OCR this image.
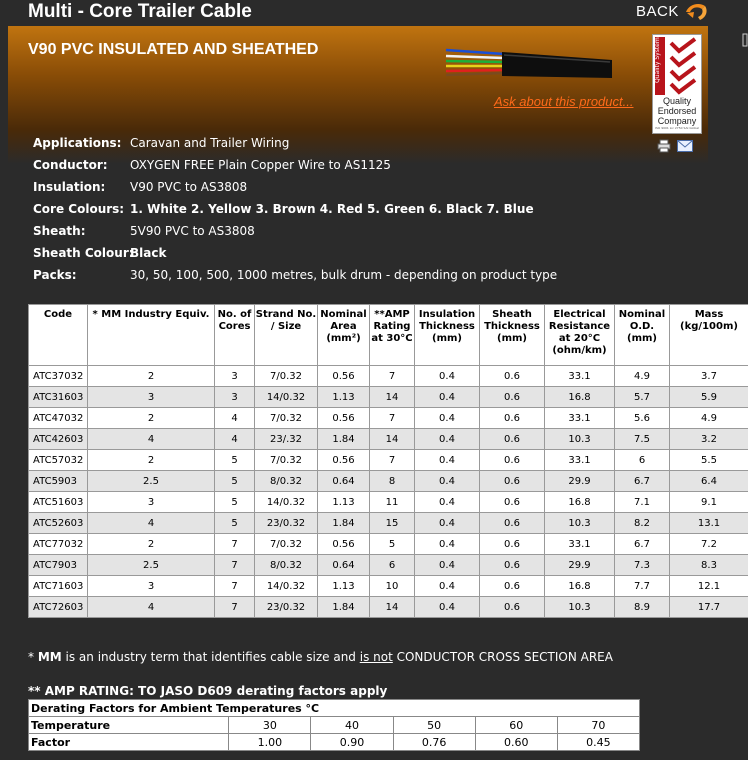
Multi - Core Trailer Cable	BACK
V90 PVC INSULATED AND SHEATHED
Ask about this product...
Quality System
Quality
Endorsed
Company
ISO 9001 Lic 2750 SAI Global
Applications: Caravan and Trailer Wiring
Conductor: OXYGEN FREE Plain Copper Wire to AS1125
Insulation: V90 PVC to AS3808
Core Colours: 1. White 2. Yellow 3. Brown 4. Red 5. Green 6. Black 7. Blue
Sheath:	5V90 PVC to AS3808
Sheath Colour:
Black
Packs:	30, 50, 100, 500, 1000 metres, bulk drum - depending on product type
Code	* MM Industry Equiv.	No. of Cores	Strand No. / Size	Nominal Area (mm²)	**AMP Rating at 30°C	Insulation Thickness (mm)	Sheath Thickness (mm)	Electrical Resistance at 20°C (ohm/km)	Nominal O.D. (mm)	Mass (kg/100m)
ATC37032	2	3	7/0.32	0.56	7	0.4	0.6	33.1	4.9	3.7
ATC31603	3	3	14/0.32	1.13	14	0.4	0.6	16.8	5.7	5.9
ATC47032	2	4	7/0.32	0.56	7	0.4	0.6	33.1	5.6	4.9
ATC42603	4	4	23/.32	1.84	14	0.4	0.6	10.3	7.5	3.2
ATC57032	2	5	7/0.32	0.56	7	0.4	0.6	33.1	6	5.5
ATC5903	2.5	5	8/0.32	0.64	8	0.4	0.6	29.9	6.7	6.4
ATC51603	3	5	14/0.32	1.13	11	0.4	0.6	16.8	7.1	9.1
ATC52603	4	5	23/0.32	1.84	15	0.4	0.6	10.3	8.2	13.1
ATC77032	2	7	7/0.32	0.56	5	0.4	0.6	33.1	6.7	7.2
ATC7903	2.5	7	8/0.32	0.64	6	0.4	0.6	29.9	7.3	8.3
ATC71603	3	7	14/0.32	1.13	10	0.4	0.6	16.8	7.7	12.1
ATC72603	4	7	23/0.32	1.84	14	0.4	0.6	10.3	8.9	17.7
* MM is an industry term that identifies cable size and is not CONDUCTOR CROSS SECTION AREA
** AMP RATING: TO JASO D609 derating factors apply
Derating Factors for Ambient Temperatures °C					
Temperature	30	40	50	60	70
Factor	1.00	0.90	0.76	0.60	0.45
